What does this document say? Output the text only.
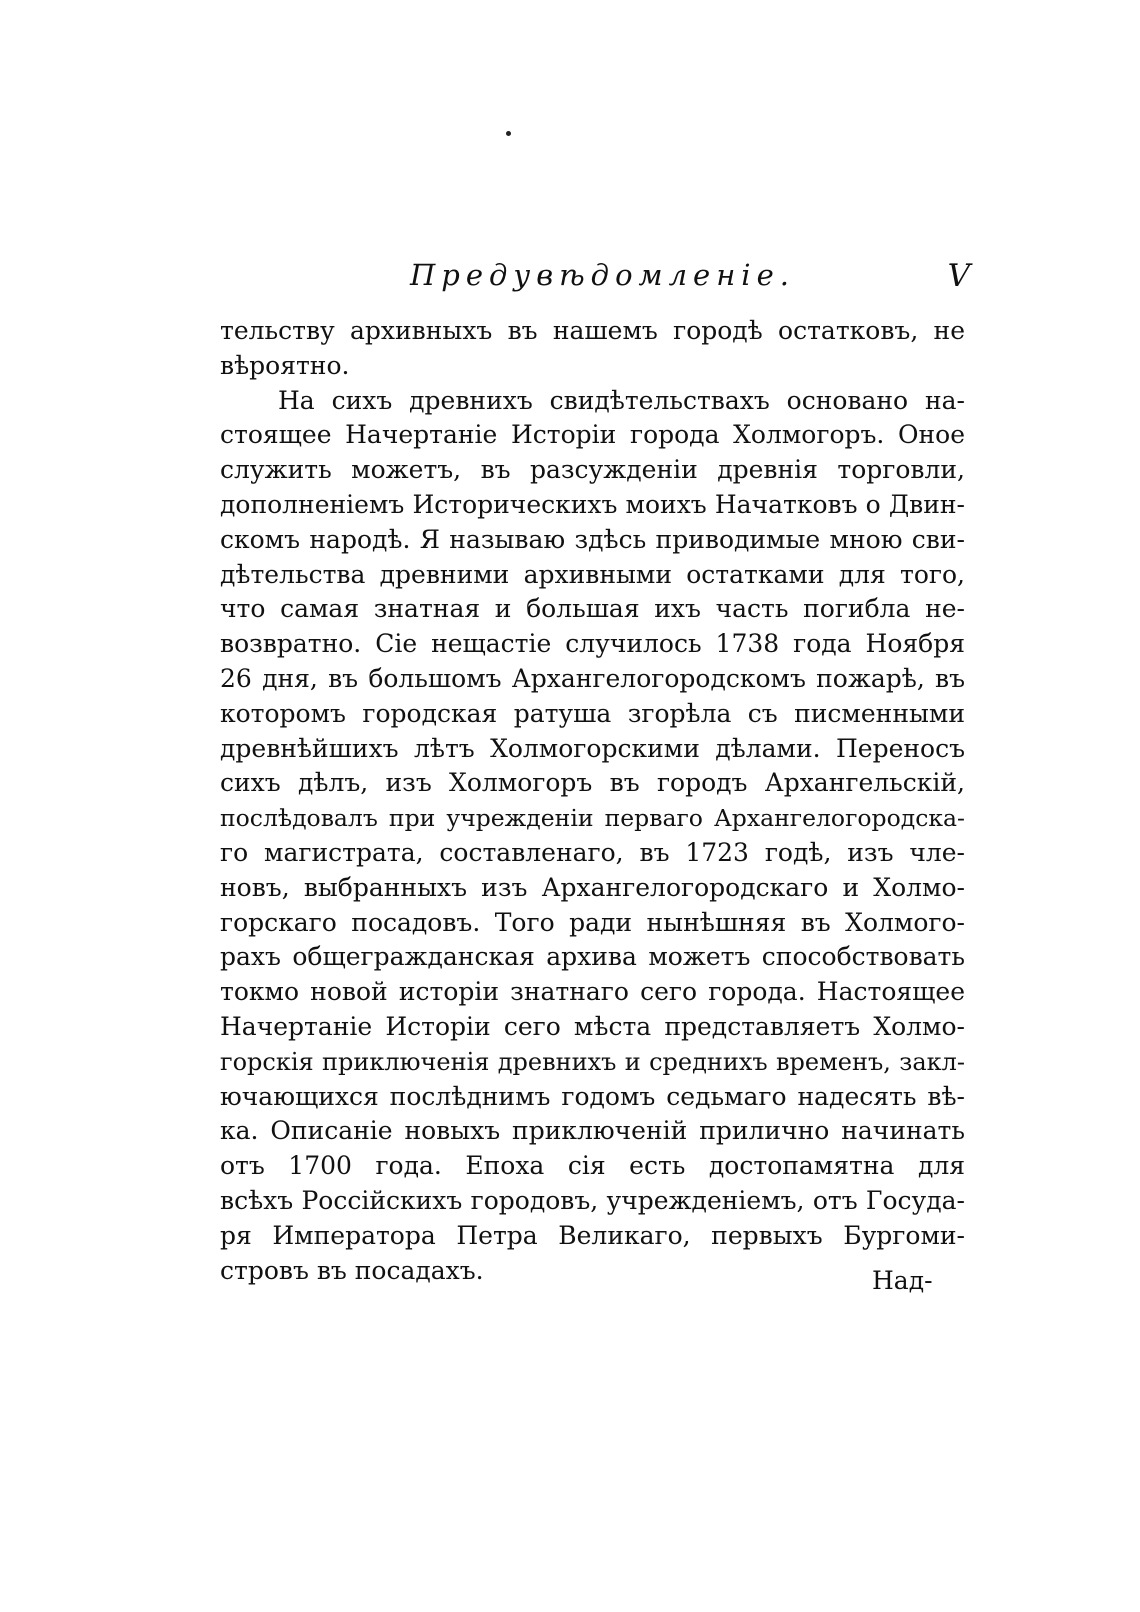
Предувѣдомленіе.	V
тельству архивныхъ въ нашемъ городѣ остатковъ, не
вѣроятно.
На сихъ древнихъ свидѣтельствахъ основано на-
стоящее Начертаніе Исторіи города Холмогоръ. Оное
служить можетъ, въ разсужденіи древнія торговли,
дополненіемъ Историческихъ моихъ Начатковъ о Двин-
скомъ народѣ. Я называю здѣсь приводимые мною сви-
дѣтельства древними архивными остатками для того,
что самая знатная и большая ихъ часть погибла не-
возвратно. Сіе нещастіе случилось 1738 года Ноября
26 дня, въ большомъ Архангелогородскомъ пожарѣ, въ
которомъ городская ратуша згорѣла съ писменными
древнѣйшихъ лѣтъ Холмогорскими дѣлами. Переносъ
сихъ дѣлъ, изъ Холмогоръ въ городъ Архангельскій,
послѣдовалъ при учрежденіи перваго Архангелогородска-
го магистрата, составленаго, въ 1723 годѣ, изъ чле-
новъ, выбранныхъ изъ Архангелогородскаго и Холмо-
горскаго посадовъ. Того ради нынѣшняя въ Холмого-
рахъ общегражданская архива можетъ способствовать
токмо новой исторіи знатнаго сего города. Настоящее
Начертаніе Исторіи сего мѣста представляетъ Холмо-
горскія приключенія древнихъ и среднихъ временъ, закл-
ючающихся послѣднимъ годомъ седьмаго надесять вѣ-
ка. Описаніе новыхъ приключеній прилично начинать
отъ 1700 года. Епоха сія есть достопамятна для
всѣхъ Россійскихъ городовъ, учрежденіемъ, отъ Госуда-
ря Императора Петра Великаго, первыхъ Бургоми-
стровъ въ посадахъ.	Над-
